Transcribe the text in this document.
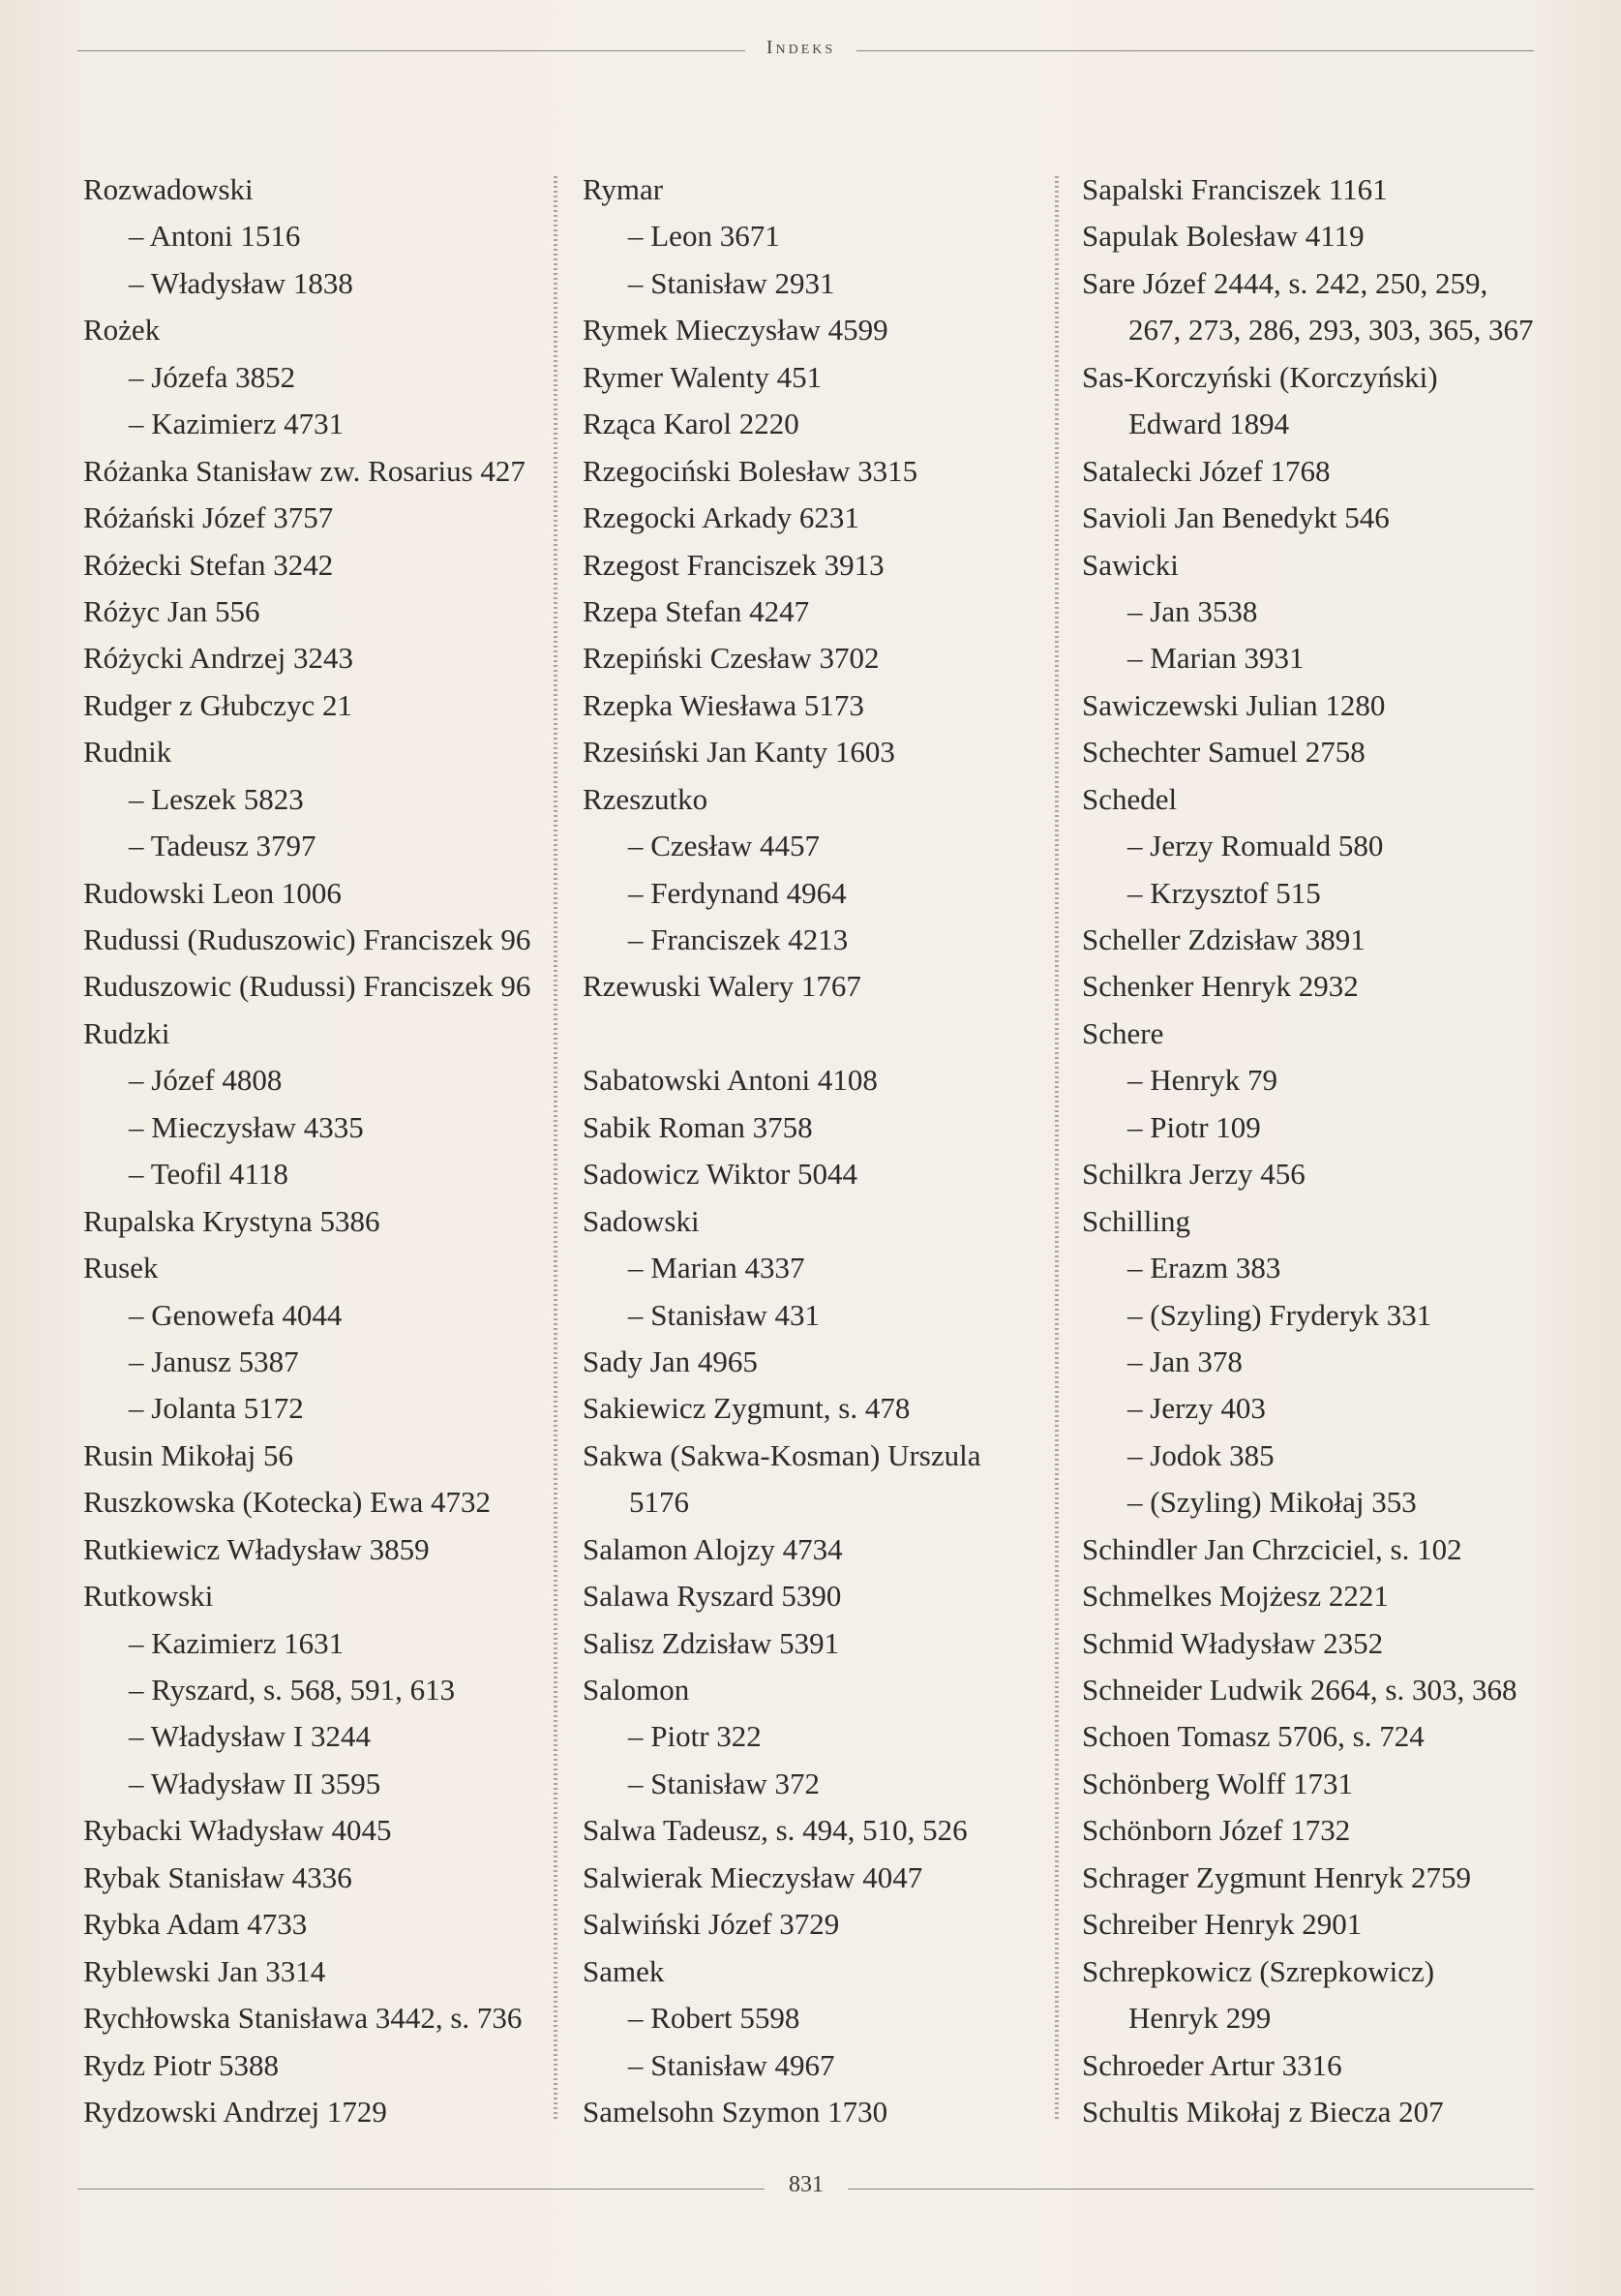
Indeks
Rozwadowski
– Antoni 1516
– Władysław 1838
Rożek
– Józefa 3852
– Kazimierz 4731
Różanka Stanisław zw. Rosarius 427
Różański Józef 3757
Różecki Stefan 3242
Różyc Jan 556
Różycki Andrzej 3243
Rudger z Głubczyc 21
Rudnik
– Leszek 5823
– Tadeusz 3797
Rudowski Leon 1006
Rudussi (Ruduszowic) Franciszek 96
Ruduszowic (Rudussi) Franciszek 96
Rudzki
– Józef 4808
– Mieczysław 4335
– Teofil 4118
Rupalska Krystyna 5386
Rusek
– Genowefa 4044
– Janusz 5387
– Jolanta 5172
Rusin Mikołaj 56
Ruszkowska (Kotecka) Ewa 4732
Rutkiewicz Władysław 3859
Rutkowski
– Kazimierz 1631
– Ryszard, s. 568, 591, 613
– Władysław I 3244
– Władysław II 3595
Rybacki Władysław 4045
Rybak Stanisław 4336
Rybka Adam 4733
Ryblewski Jan 3314
Rychłowska Stanisława 3442, s. 736
Rydz Piotr 5388
Rydzowski Andrzej 1729
Rymar
– Leon 3671
– Stanisław 2931
Rymek Mieczysław 4599
Rymer Walenty 451
Rząca Karol 2220
Rzegociński Bolesław 3315
Rzegocki Arkady 6231
Rzegost Franciszek 3913
Rzepa Stefan 4247
Rzepiński Czesław 3702
Rzepka Wiesława 5173
Rzesiński Jan Kanty 1603
Rzeszutko
– Czesław 4457
– Ferdynand 4964
– Franciszek 4213
Rzewuski Walery 1767
Sabatowski Antoni 4108
Sabik Roman 3758
Sadowicz Wiktor 5044
Sadowski
– Marian 4337
– Stanisław 431
Sady Jan 4965
Sakiewicz Zygmunt, s. 478
Sakwa (Sakwa-Kosman) Urszula
5176
Salamon Alojzy 4734
Salawa Ryszard 5390
Salisz Zdzisław 5391
Salomon
– Piotr 322
– Stanisław 372
Salwa Tadeusz, s. 494, 510, 526
Salwierak Mieczysław 4047
Salwiński Józef 3729
Samek
– Robert 5598
– Stanisław 4967
Samelsohn Szymon 1730
Sapalski Franciszek 1161
Sapulak Bolesław 4119
Sare Józef 2444, s. 242, 250, 259,
267, 273, 286, 293, 303, 365, 367
Sas-Korczyński (Korczyński)
Edward 1894
Satalecki Józef 1768
Savioli Jan Benedykt 546
Sawicki
– Jan 3538
– Marian 3931
Sawiczewski Julian 1280
Schechter Samuel 2758
Schedel
– Jerzy Romuald 580
– Krzysztof 515
Scheller Zdzisław 3891
Schenker Henryk 2932
Schere
– Henryk 79
– Piotr 109
Schilkra Jerzy 456
Schilling
– Erazm 383
– (Szyling) Fryderyk 331
– Jan 378
– Jerzy 403
– Jodok 385
– (Szyling) Mikołaj 353
Schindler Jan Chrzciciel, s. 102
Schmelkes Mojżesz 2221
Schmid Władysław 2352
Schneider Ludwik 2664, s. 303, 368
Schoen Tomasz 5706, s. 724
Schönberg Wolff 1731
Schönborn Józef 1732
Schrager Zygmunt Henryk 2759
Schreiber Henryk 2901
Schrepkowicz (Szrepkowicz)
Henryk 299
Schroeder Artur 3316
Schultis Mikołaj z Biecza 207
831
